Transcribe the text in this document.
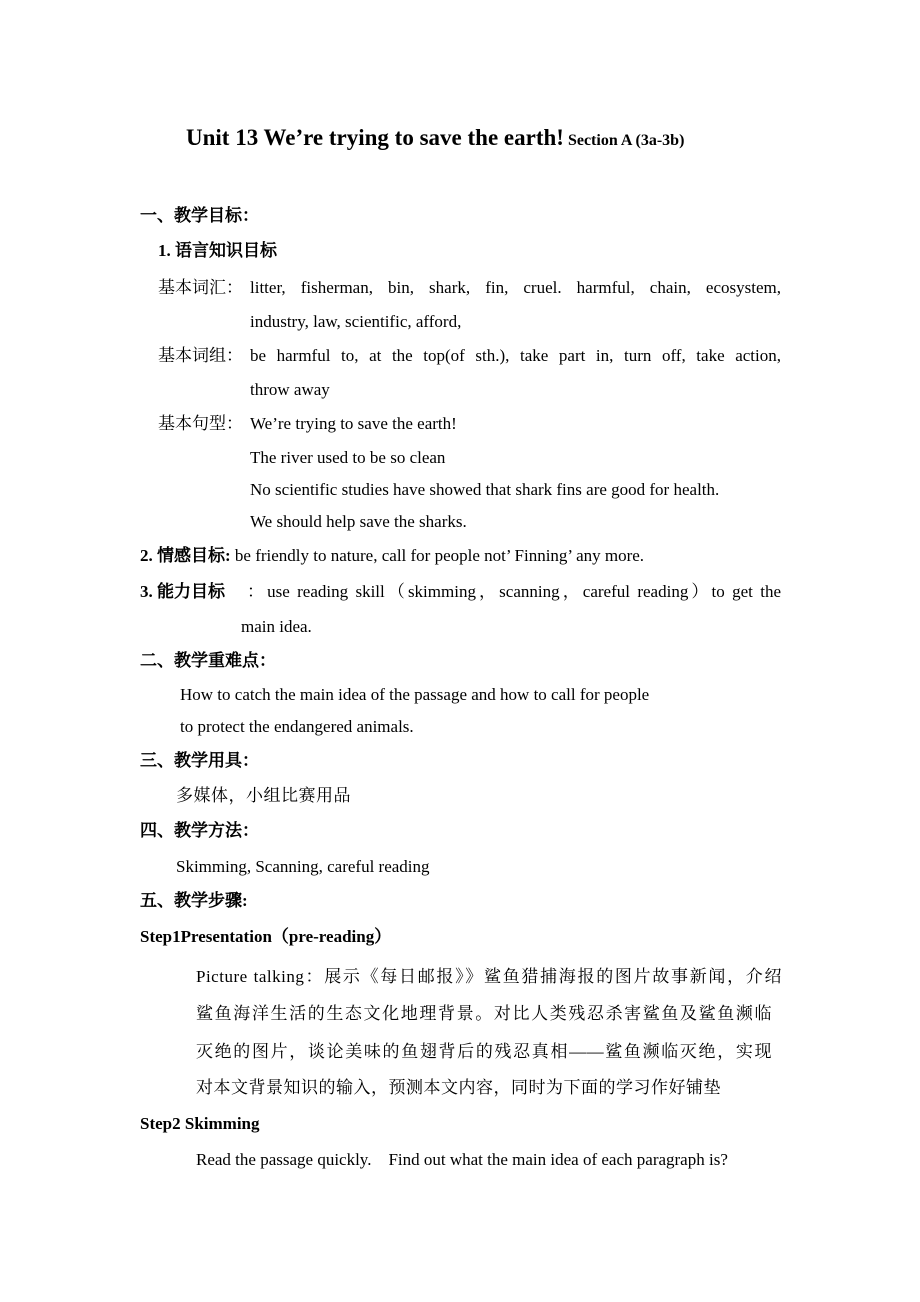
Unit 13 We’re trying to save the earth! Section A (3a-3b)
一、教学目标：
1. 语言知识目标
基本词汇： litter, fisherman, bin, shark, fin, cruel. harmful, chain, ecosystem,
industry, law, scientific, afford,
基本词组： be harmful to, at the top(of sth.), take part in, turn off, take action,
throw away
基本句型： We’re trying to save the earth!
The river used to be so clean
No scientific studies have showed that shark fins are good for health.
We should help save the sharks.
2. 情感目标: be friendly to nature, call for people not’ Finning’ any more.
3. 能力目标 ：use reading skill（skimming，scanning，careful reading）to get the
main idea.
二、教学重难点：
How to catch the main idea of the passage and how to call for people
to protect the endangered animals.
三、教学用具：
多媒体，小组比赛用品
四、教学方法：
Skimming, Scanning, careful reading
五、教学步骤:
Step1Presentation（pre-reading）
Picture talking：展示《每日邮报》》鲨鱼猎捕海报的图片故事新闻，介绍
鲨鱼海洋生活的生态文化地理背景。对比人类残忍杀害鲨鱼及鲨鱼濒临
灭绝的图片，谈论美味的鱼翅背后的残忍真相——鲨鱼濒临灭绝，实现
对本文背景知识的输入，预测本文内容，同时为下面的学习作好铺垫
Step2 Skimming
Read the passage quickly.    Find out what the main idea of each paragraph is?
